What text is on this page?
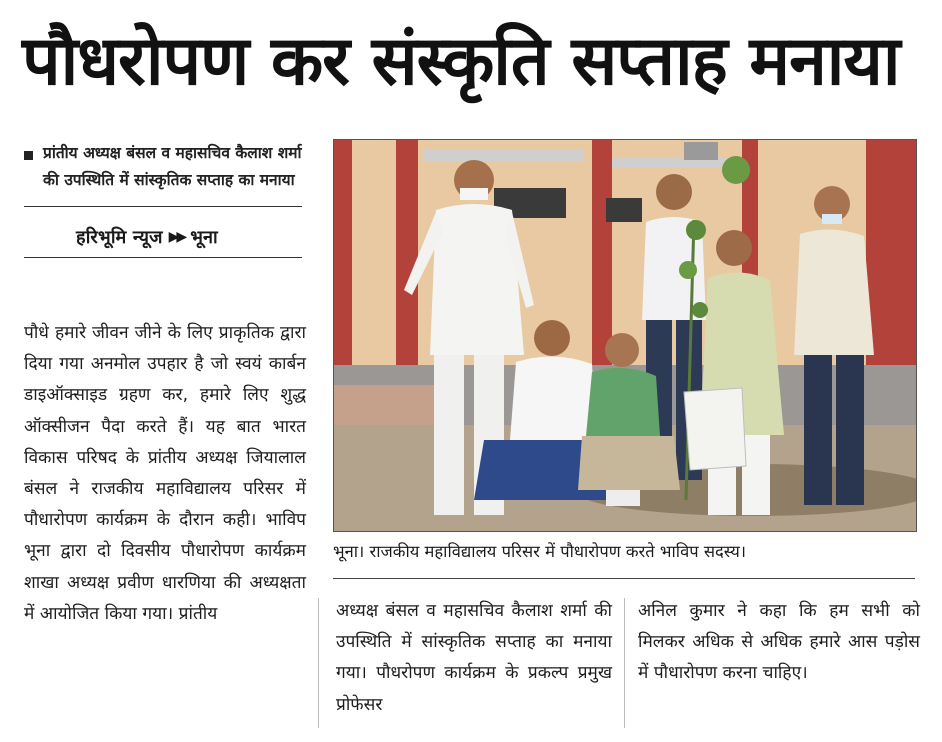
पौधरोपण कर संस्कृति सप्ताह मनाया
प्रांतीय अध्यक्ष बंसल व महासचिव कैलाश शर्मा की उपस्थिति में सांस्कृतिक सप्ताह का मनाया
हरिभूमि न्यूज ▶▶ भूना

पौधे हमारे जीवन जीने के लिए प्राकृतिक द्वारा दिया गया अनमोल उपहार है जो स्वयं कार्बन डाइऑक्साइड ग्रहण कर, हमारे लिए शुद्ध ऑक्सीजन पैदा करते हैं। यह बात भारत विकास परिषद के प्रांतीय अध्यक्ष जियालाल बंसल ने राजकीय महाविद्यालय परिसर में पौधारोपण कार्यक्रम के दौरान कही। भाविप भूना द्वारा दो दिवसीय पौधारोपण कार्यक्रम शाखा अध्यक्ष प्रवीण धारणिया की अध्यक्षता में आयोजित किया गया। प्रांतीय

भूना। राजकीय महाविद्यालय परिसर में पौधारोपण करते भाविप सदस्य।
अध्यक्ष बंसल व महासचिव कैलाश शर्मा की उपस्थिति में सांस्कृतिक सप्ताह का मनाया गया। पौधरोपण कार्यक्रम के प्रकल्प प्रमुख प्रोफेसर
अनिल कुमार ने कहा कि हम सभी को मिलकर अधिक से अधिक हमारे आस पड़ोस में पौधारोपण करना चाहिए।
